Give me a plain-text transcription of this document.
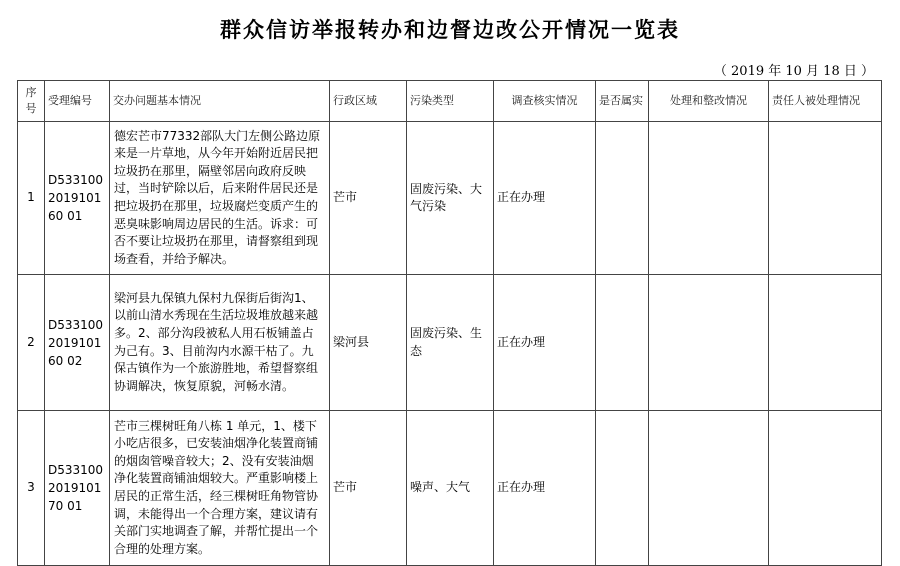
群众信访举报转办和边督边改公开情况一览表
（ 2019 年 10 月 18 日 ）
序号	受理编号	交办问题基本情况	行政区域	污染类型	调查核实情况	是否属实	处理和整改情况	责任人被处理情况
1	D533100201910160 01	德宏芒市77332部队大门左侧公路边原来是一片草地，从今年开始附近居民把垃圾扔在那里，隔壁邻居向政府反映过，当时铲除以后，后来附件居民还是把垃圾扔在那里，垃圾腐烂变质产生的恶臭味影响周边居民的生活。诉求：可否不要让垃圾扔在那里，请督察组到现场查看，并给予解决。	芒市	固废污染、大气污染	正在办理			
2	D533100201910160 02	梁河县九保镇九保村九保街后街沟1、以前山清水秀现在生活垃圾堆放越来越多。2、部分沟段被私人用石板铺盖占为己有。3、目前沟内水源干枯了。九保古镇作为一个旅游胜地，希望督察组协调解决，恢复原貌，河畅水清。	梁河县	固废污染、生态	正在办理			
3	D533100201910170 01	芒市三棵树旺角八栋 1 单元，1、楼下小吃店很多，已安装油烟净化装置商铺的烟囱管噪音较大；2、没有安装油烟净化装置商铺油烟较大。严重影响楼上居民的正常生活，经三棵树旺角物管协调，未能得出一个合理方案，建议请有关部门实地调查了解，并帮忙提出一个合理的处理方案。	芒市	噪声、大气	正在办理			
